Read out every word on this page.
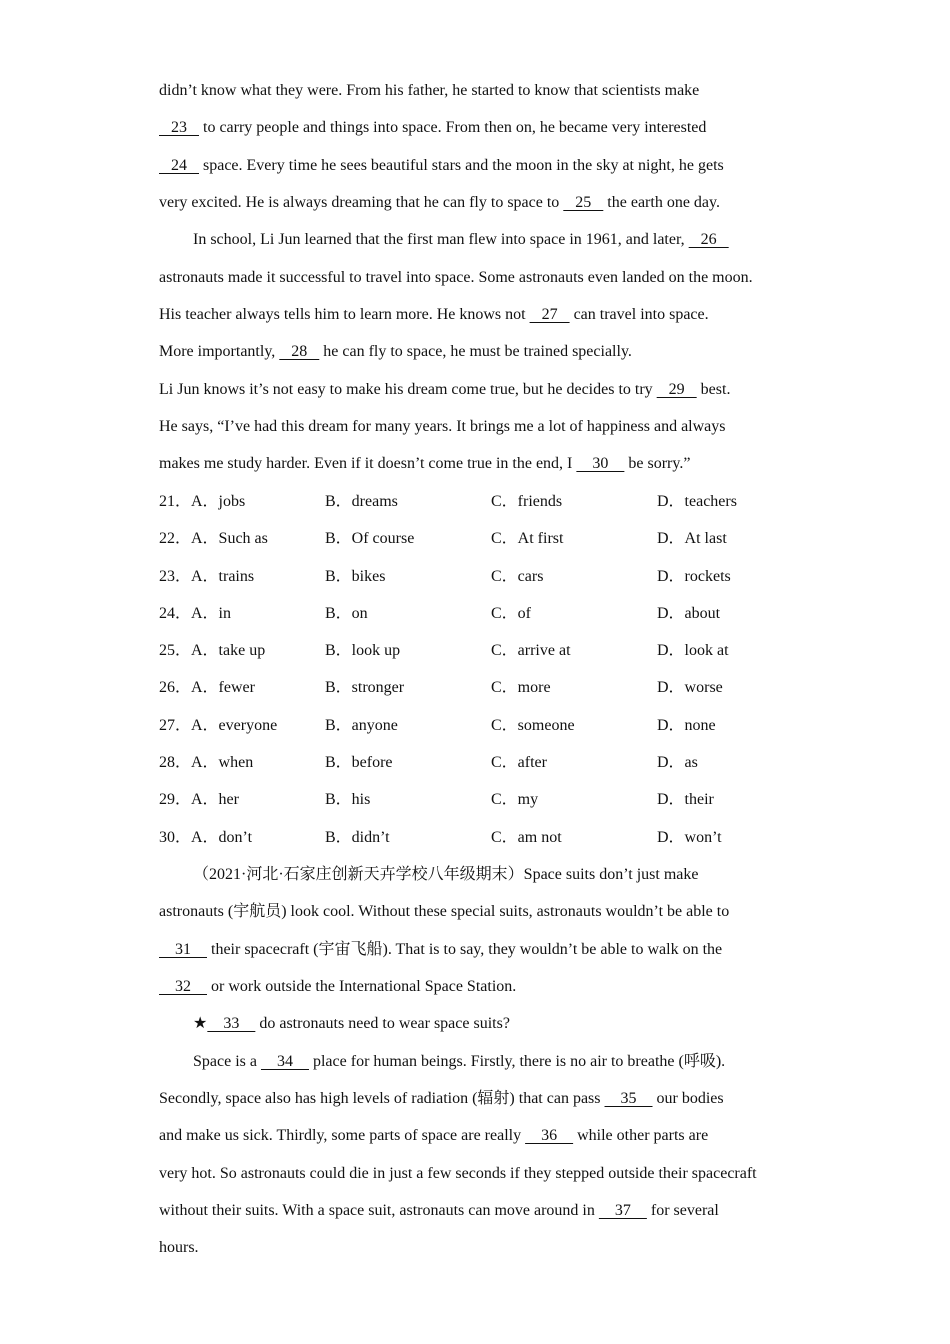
didn’t know what they were. From his father, he started to know that scientists make
23    to carry people and things into space. From then on, he became very interested
24    space. Every time he sees beautiful stars and the moon in the sky at night, he gets
very excited. He is always dreaming that he can fly to space to    25    the earth one day.
In school, Li Jun learned that the first man flew into space in 1961, and later,    26
astronauts made it successful to travel into space. Some astronauts even landed on the moon.
His teacher always tells him to learn more. He knows not    27    can travel into space.
More importantly,    28    he can fly to space, he must be trained specially.
Li Jun knows it’s not easy to make his dream come true, but he decides to try    29    best.
He says, “I’ve had this dream for many years. It brings me a lot of happiness and always
makes me study harder. Even if it doesn’t come true in the end, I     30     be sorry.”
21． A．jobs	B．dreams	C．friends	D．teachers
22． A．Such as	B．Of course	C．At first	D．At last
23． A．trains	B．bikes	C．cars	D．rockets
24． A．in	B．on	C．of	D．about
25． A．take up	B．look up	C．arrive at	D．look at
26． A．fewer	B．stronger	C．more	D．worse
27． A．everyone	B．anyone	C．someone	D．none
28． A．when	B．before	C．after	D．as
29． A．her	B．his	C．my	D．their
30． A．don’t	B．didn’t	C．am not	D．won’t
（2021·河北·石家庄创新天卉学校八年级期末）Space suits don’t just make
astronauts (宇航员) look cool. Without these special suits, astronauts wouldn’t be able to
31     their spacecraft (宇宙飞船). That is to say, they wouldn’t be able to walk on the
32     or work outside the International Space Station.
★    33     do astronauts need to wear space suits?
Space is a     34     place for human beings. Firstly, there is no air to breathe (呼吸).
Secondly, space also has high levels of radiation (辐射) that can pass     35     our bodies
and make us sick. Thirdly, some parts of space are really     36     while other parts are
very hot. So astronauts could die in just a few seconds if they stepped outside their spacecraft
without their suits. With a space suit, astronauts can move around in     37     for several
hours.
